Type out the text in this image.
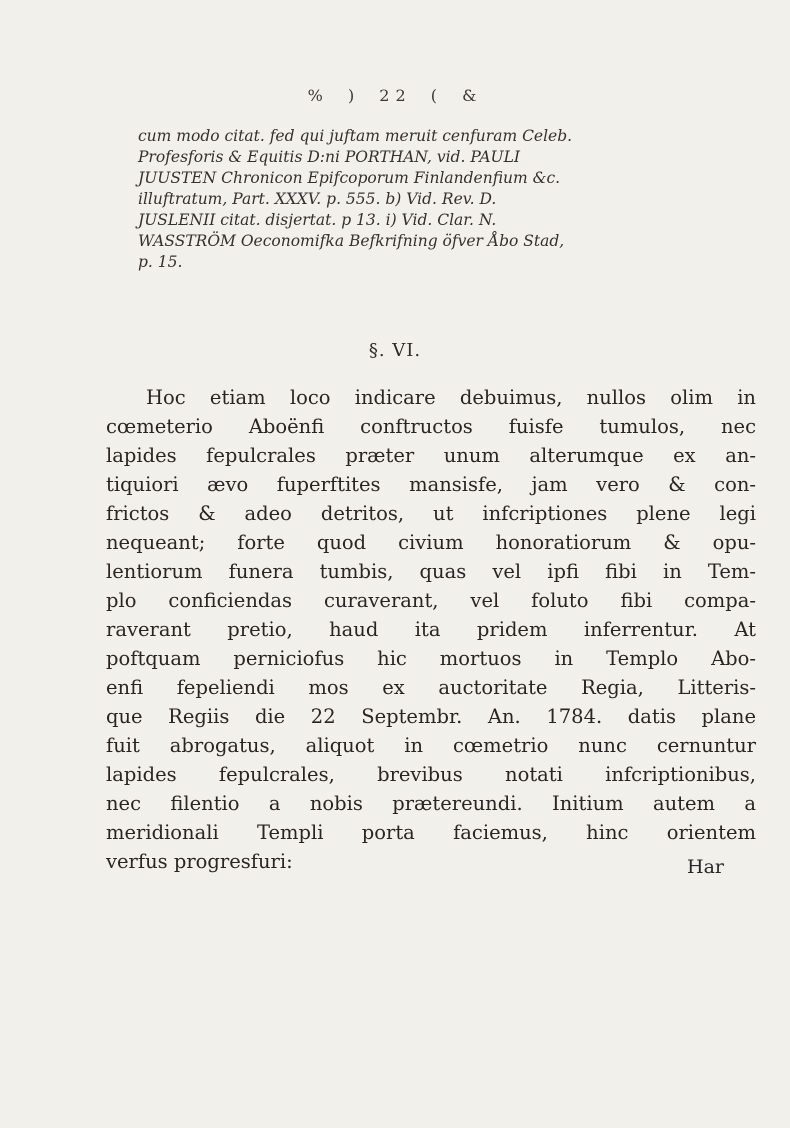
% ) 22 ( &
cum modo citat. fed qui juftam meruit cenfuram Celeb.
Profesforis & Equitis D:ni PORTHAN, vid. PAULI
JUUSTEN Chronicon Epifcoporum Finlandenfium &c.
illuftratum, Part. XXXV. p. 555. b) Vid. Rev. D.
JUSLENII citat. disjertat. p 13. i) Vid. Clar. N.
WASSTRÖM Oeconomifka Befkrifning öfver Åbo Stad,
p. 15.
§. VI.
Hoc etiam loco indicare debuimus, nullos olim in
cœmeterio Aboënfi conftructos fuisfe tumulos, nec
lapides fepulcrales præter unum alterumque ex an-
tiquiori ævo fuperftites mansisfe, jam vero & con-
frictos & adeo detritos, ut infcriptiones plene legi
nequeant; forte quod civium honoratiorum & opu-
lentiorum funera tumbis, quas vel ipfi fibi in Tem-
plo conficiendas curaverant, vel foluto fibi compa-
raverant pretio, haud ita pridem inferrentur. At
poftquam perniciofus hic mortuos in Templo Abo-
enfi fepeliendi mos ex auctoritate Regia, Litteris-
que Regiis die 22 Septembr. An. 1784. datis plane
fuit abrogatus, aliquot in cœmetrio nunc cernuntur
lapides fepulcrales, brevibus notati infcriptionibus,
nec filentio a nobis prætereundi. Initium autem a
meridionali Templi porta faciemus, hinc orientem
verfus progresfuri:	Har
